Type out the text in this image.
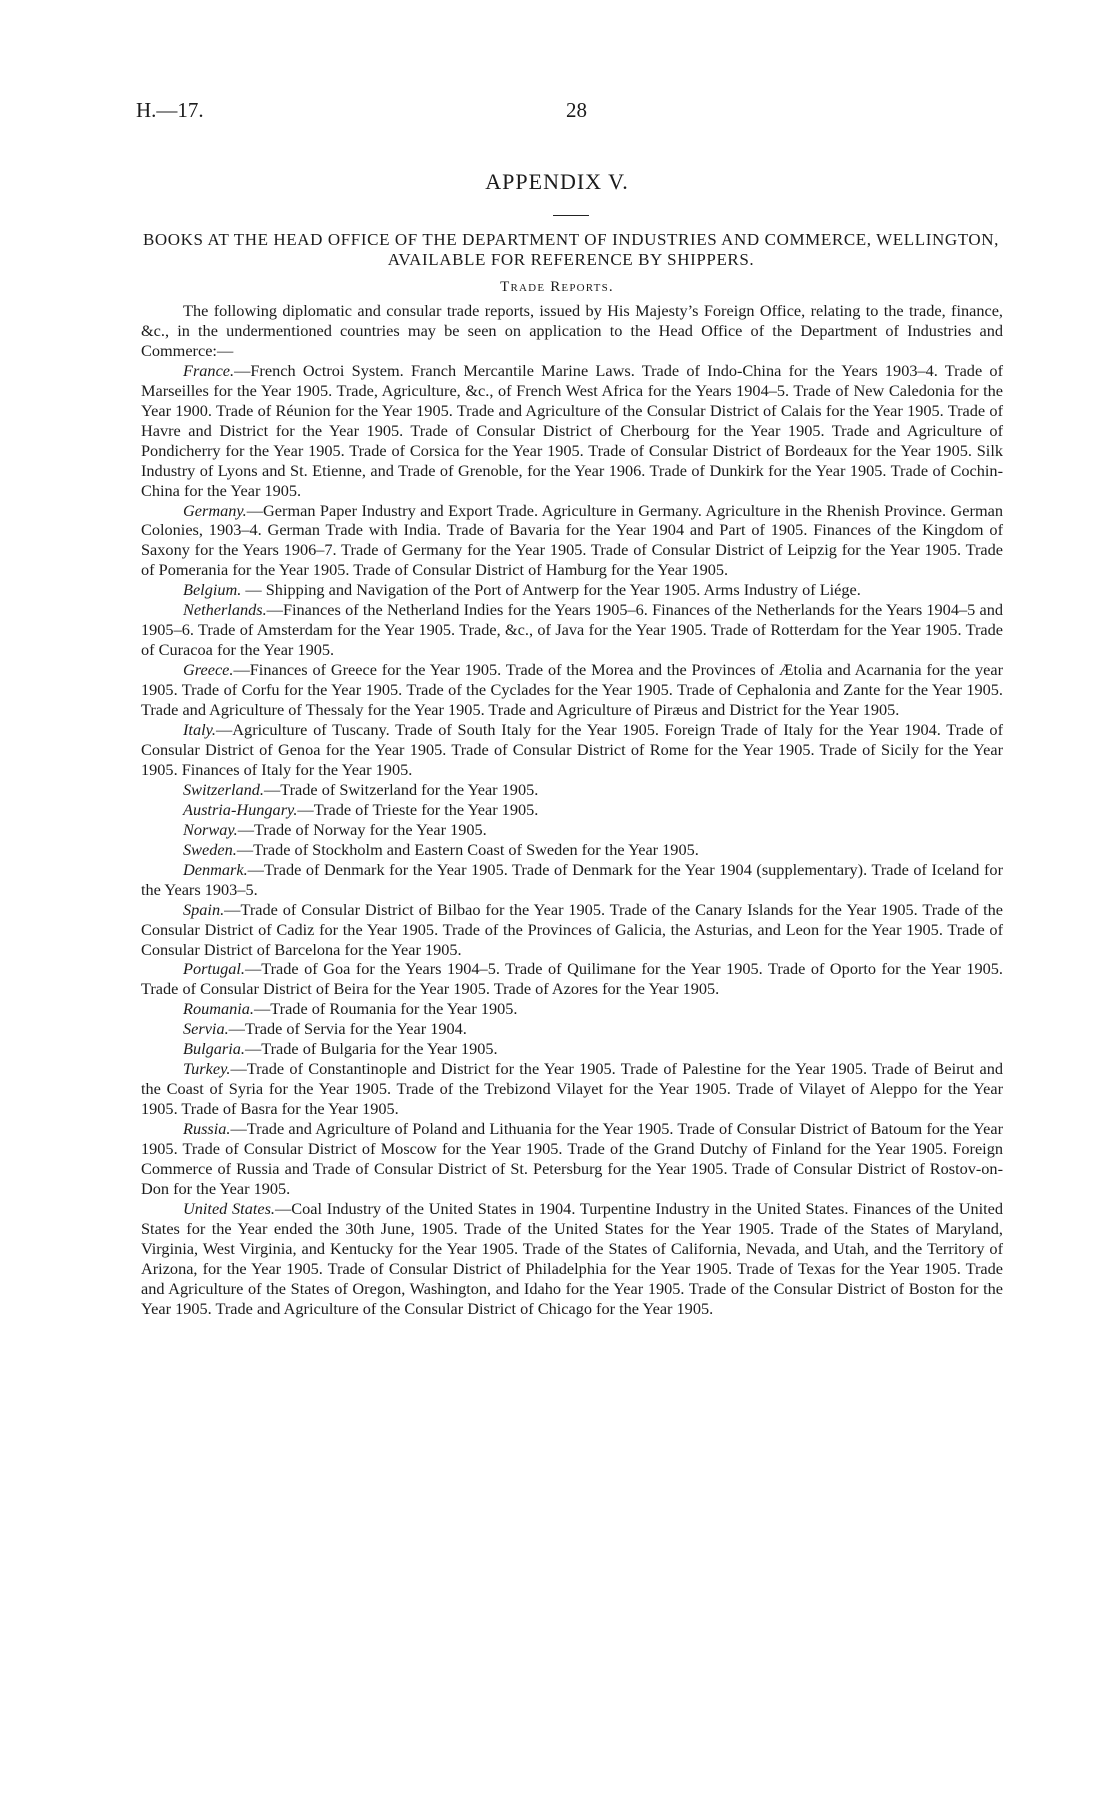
H.—17.	28
APPENDIX V.
BOOKS AT THE HEAD OFFICE OF THE DEPARTMENT OF INDUSTRIES AND COMMERCE, WELLINGTON, AVAILABLE FOR REFERENCE BY SHIPPERS.
Trade Reports.

The following diplomatic and consular trade reports, issued by His Majesty’s Foreign Office, relating to the trade, finance, &c., in the undermentioned countries may be seen on application to the Head Office of the Department of Industries and Commerce:—

France.—French Octroi System. Franch Mercantile Marine Laws. Trade of Indo-China for the Years 1903–4. Trade of Marseilles for the Year 1905. Trade, Agriculture, &c., of French West Africa for the Years 1904–5. Trade of New Caledonia for the Year 1900. Trade of Réunion for the Year 1905. Trade and Agriculture of the Consular District of Calais for the Year 1905. Trade of Havre and District for the Year 1905. Trade of Consular District of Cherbourg for the Year 1905. Trade and Agriculture of Pondicherry for the Year 1905. Trade of Corsica for the Year 1905. Trade of Consular District of Bordeaux for the Year 1905. Silk Industry of Lyons and St. Etienne, and Trade of Grenoble, for the Year 1906. Trade of Dunkirk for the Year 1905. Trade of Cochin-China for the Year 1905.

Germany.—German Paper Industry and Export Trade. Agriculture in Germany. Agriculture in the Rhenish Province. German Colonies, 1903–4. German Trade with India. Trade of Bavaria for the Year 1904 and Part of 1905. Finances of the Kingdom of Saxony for the Years 1906–7. Trade of Germany for the Year 1905. Trade of Consular District of Leipzig for the Year 1905. Trade of Pomerania for the Year 1905. Trade of Consular District of Hamburg for the Year 1905.

Belgium. — Shipping and Navigation of the Port of Antwerp for the Year 1905. Arms Industry of Liége.

Netherlands.—Finances of the Netherland Indies for the Years 1905–6. Finances of the Netherlands for the Years 1904–5 and 1905–6. Trade of Amsterdam for the Year 1905. Trade, &c., of Java for the Year 1905. Trade of Rotterdam for the Year 1905. Trade of Curacoa for the Year 1905.

Greece.—Finances of Greece for the Year 1905. Trade of the Morea and the Provinces of Ætolia and Acarnania for the year 1905. Trade of Corfu for the Year 1905. Trade of the Cyclades for the Year 1905. Trade of Cephalonia and Zante for the Year 1905. Trade and Agriculture of Thessaly for the Year 1905. Trade and Agriculture of Piræus and District for the Year 1905.

Italy.—Agriculture of Tuscany. Trade of South Italy for the Year 1905. Foreign Trade of Italy for the Year 1904. Trade of Consular District of Genoa for the Year 1905. Trade of Consular District of Rome for the Year 1905. Trade of Sicily for the Year 1905. Finances of Italy for the Year 1905.

Switzerland.—Trade of Switzerland for the Year 1905.

Austria-Hungary.—Trade of Trieste for the Year 1905.

Norway.—Trade of Norway for the Year 1905.

Sweden.—Trade of Stockholm and Eastern Coast of Sweden for the Year 1905.

Denmark.—Trade of Denmark for the Year 1905. Trade of Denmark for the Year 1904 (supplementary). Trade of Iceland for the Years 1903–5.

Spain.—Trade of Consular District of Bilbao for the Year 1905. Trade of the Canary Islands for the Year 1905. Trade of the Consular District of Cadiz for the Year 1905. Trade of the Provinces of Galicia, the Asturias, and Leon for the Year 1905. Trade of Consular District of Barcelona for the Year 1905.

Portugal.—Trade of Goa for the Years 1904–5. Trade of Quilimane for the Year 1905. Trade of Oporto for the Year 1905. Trade of Consular District of Beira for the Year 1905. Trade of Azores for the Year 1905.

Roumania.—Trade of Roumania for the Year 1905.

Servia.—Trade of Servia for the Year 1904.

Bulgaria.—Trade of Bulgaria for the Year 1905.

Turkey.—Trade of Constantinople and District for the Year 1905. Trade of Palestine for the Year 1905. Trade of Beirut and the Coast of Syria for the Year 1905. Trade of the Trebizond Vilayet for the Year 1905. Trade of Vilayet of Aleppo for the Year 1905. Trade of Basra for the Year 1905.

Russia.—Trade and Agriculture of Poland and Lithuania for the Year 1905. Trade of Consular District of Batoum for the Year 1905. Trade of Consular District of Moscow for the Year 1905. Trade of the Grand Dutchy of Finland for the Year 1905. Foreign Commerce of Russia and Trade of Consular District of St. Petersburg for the Year 1905. Trade of Consular District of Rostov-on-Don for the Year 1905.

United States.—Coal Industry of the United States in 1904. Turpentine Industry in the United States. Finances of the United States for the Year ended the 30th June, 1905. Trade of the United States for the Year 1905. Trade of the States of Maryland, Virginia, West Virginia, and Kentucky for the Year 1905. Trade of the States of California, Nevada, and Utah, and the Territory of Arizona, for the Year 1905. Trade of Consular District of Philadelphia for the Year 1905. Trade of Texas for the Year 1905. Trade and Agriculture of the States of Oregon, Washington, and Idaho for the Year 1905. Trade of the Consular District of Boston for the Year 1905. Trade and Agriculture of the Consular District of Chicago for the Year 1905.
